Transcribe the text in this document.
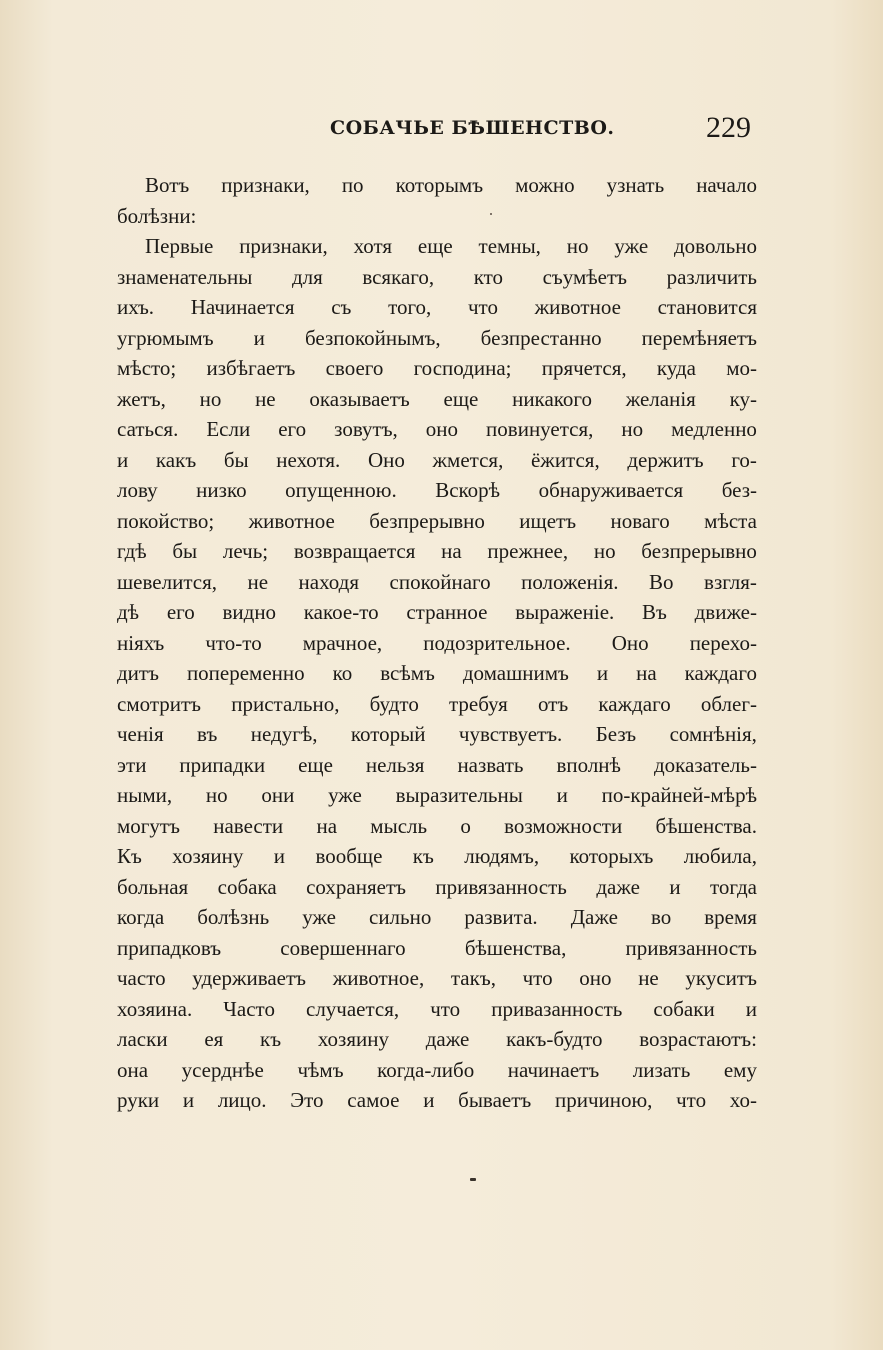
СОБАЧЬЕ БѢШЕНСТВО.	229
Вотъ признаки, по которымъ можно узнать начало
болѣзни:
Первые признаки, хотя еще темны, но уже довольно
знаменательны для всякаго, кто съумѣетъ различить
ихъ. Начинается съ того, что животное становится
угрюмымъ и безпокойнымъ, безпрестанно перемѣняетъ
мѣсто; избѣгаетъ своего господина; прячется, куда мо-
жетъ, но не оказываетъ еще никакого желанія ку-
саться. Если его зовутъ, оно повинуется, но медленно
и какъ бы нехотя. Оно жмется, ёжится, держитъ го-
лову низко опущенною. Вскорѣ обнаруживается без-
покойство; животное безпрерывно ищетъ новаго мѣста
гдѣ бы лечь; возвращается на прежнее, но безпрерывно
шевелится, не находя спокойнаго положенія. Во взгля-
дѣ его видно какое-то странное выраженіе. Въ движе-
ніяхъ что-то мрачное, подозрительное. Оно перехо-
дитъ попеременно ко всѣмъ домашнимъ и на каждаго
смотритъ пристально, будто требуя отъ каждаго облег-
ченія въ недугѣ, который чувствуетъ. Безъ сомнѣнія,
эти припадки еще нельзя назвать вполнѣ доказатель-
ными, но они уже выразительны и по-крайней-мѣрѣ
могутъ навести на мысль о возможности бѣшенства.
Къ хозяину и вообще къ людямъ, которыхъ любила,
больная собака сохраняетъ привязанность даже и тогда
когда болѣзнь уже сильно развита. Даже во время
припадковъ	совершеннаго	бѣшенства,	привязанность
часто удерживаетъ животное, такъ, что оно не укуситъ
хозяина. Часто случается, что привазанность собаки и
ласки ея къ хозяину даже какъ-будто возрастаютъ:
она усерднѣе чѣмъ когда-либо начинаетъ лизать ему
руки и лицо. Это самое и бываетъ причиною, что хо-
